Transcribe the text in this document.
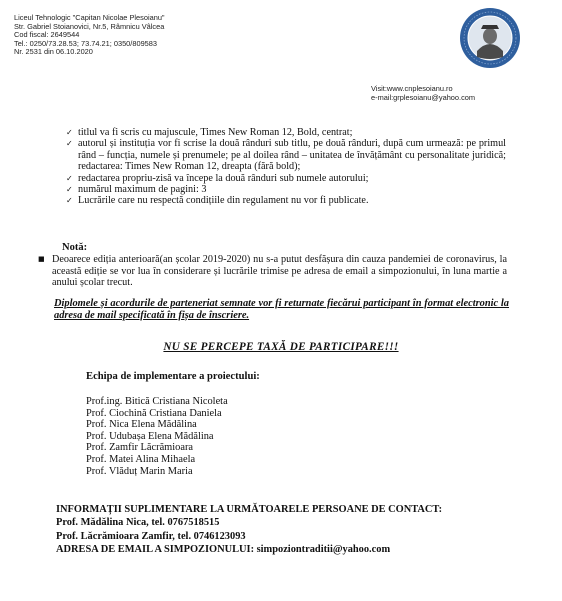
Liceul Tehnologic "Capitan Nicolae Plesoianu"
Str. Gabriel Stoianovici, Nr.5, Râmnicu Vâlcea
Cod fiscal: 2649544
Tel.: 0250/73.28.53; 73.74.21; 0350/809583
Nr. 2531 din 06.10.2020
Visit:www.cnplesoianu.ro
e-mail:grplesoianu@yahoo.com
✓ titlul va fi scris cu majuscule, Times New Roman 12, Bold, centrat;
✓ autorul și instituția vor fi scrise la două rânduri sub titlu, pe două rânduri, după cum urmează: pe primul rând – funcția, numele și prenumele; pe al doilea rând – unitatea de învățământ cu personalitate juridică; redactarea: Times New Roman 12, dreapta (fără bold);
✓ redactarea propriu-zisă va începe la două rânduri sub numele autorului;
✓ numărul maximum de pagini: 3
✓ Lucrările care nu respectă condițiile din regulament nu vor fi publicate.
Notă:
■ Deoarece ediția anterioară(an școlar 2019-2020) nu s-a putut desfășura din cauza pandemiei de coronavirus, la această ediție se vor lua în considerare și lucrările trimise pe adresa de email a simpozionului, în luna martie a anului școlar trecut.
Diplomele și acordurile de parteneriat semnate vor fi returnate fiecărui participant în format electronic la adresa de mail specificată în fișa de înscriere.
NU SE PERCEPE TAXĂ DE PARTICIPARE!!!
Echipa de implementare a proiectului:
Prof.ing. Bitică Cristiana Nicoleta
Prof. Ciochină Cristiana Daniela
Prof. Nica Elena Mădălina
Prof. Udubașa Elena Mădălina
Prof. Zamfir Lăcrămioara
Prof. Matei Alina Mihaela
Prof. Vlăduț Marin Maria
INFORMAȚII SUPLIMENTARE LA URMĂTOARELE PERSOANE DE CONTACT:
Prof. Mădălina Nica, tel. 0767518515
Prof. Lăcrămioara Zamfir, tel. 0746123093
ADRESA DE EMAIL A SIMPOZIONULUI: simpoziontraditii@yahoo.com
